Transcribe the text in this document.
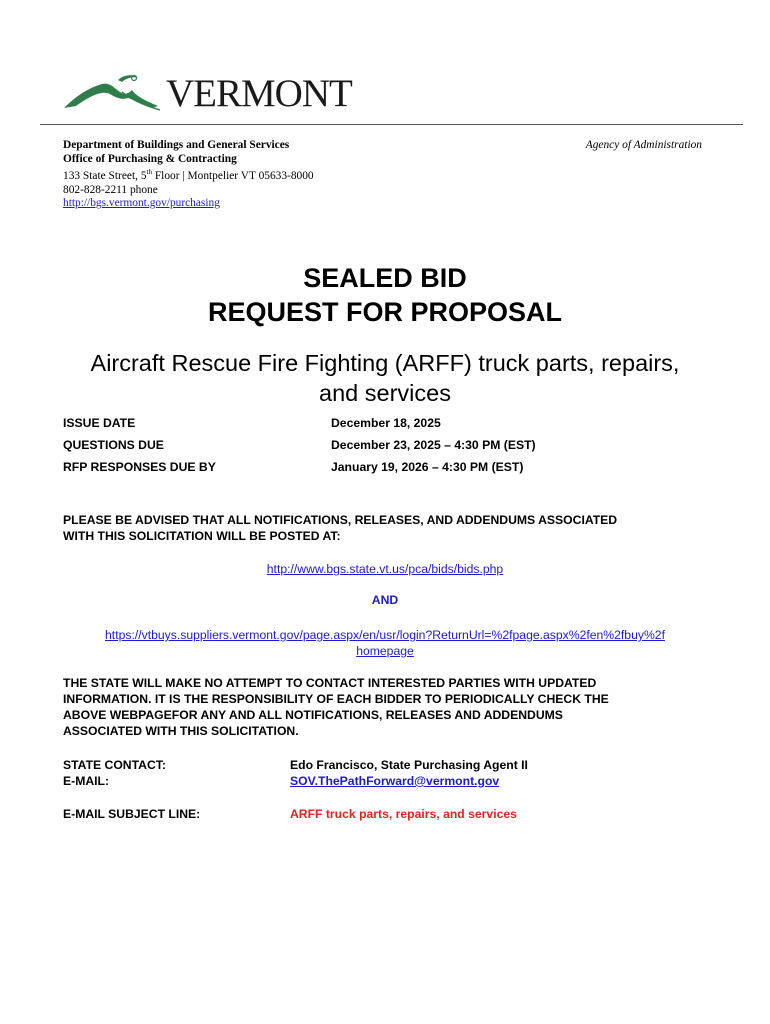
VERMONT
Department of Buildings and General Services
Office of Purchasing & Contracting
133 State Street, 5th Floor | Montpelier VT 05633-8000
802-828-2211 phone
http://bgs.vermont.gov/purchasing
Agency of Administration
SEALED BID
REQUEST FOR PROPOSAL
Aircraft Rescue Fire Fighting (ARFF) truck parts, repairs,
and services
ISSUE DATE	December 18, 2025
QUESTIONS DUE	December 23, 2025 – 4:30 PM (EST)
RFP RESPONSES DUE BY	January 19, 2026 – 4:30 PM (EST)
PLEASE BE ADVISED THAT ALL NOTIFICATIONS, RELEASES, AND ADDENDUMS ASSOCIATED
WITH THIS SOLICITATION WILL BE POSTED AT:
http://www.bgs.state.vt.us/pca/bids/bids.php
AND
https://vtbuys.suppliers.vermont.gov/page.aspx/en/usr/login?ReturnUrl=%2fpage.aspx%2fen%2fbuy%2f
homepage
THE STATE WILL MAKE NO ATTEMPT TO CONTACT INTERESTED PARTIES WITH UPDATED
INFORMATION. IT IS THE RESPONSIBILITY OF EACH BIDDER TO PERIODICALLY CHECK THE
ABOVE WEBPAGEFOR ANY AND ALL NOTIFICATIONS, RELEASES AND ADDENDUMS
ASSOCIATED WITH THIS SOLICITATION.
STATE CONTACT:	Edo Francisco, State Purchasing Agent II
E-MAIL:	SOV.ThePathForward@vermont.gov
E-MAIL SUBJECT LINE:	ARFF truck parts, repairs, and services
